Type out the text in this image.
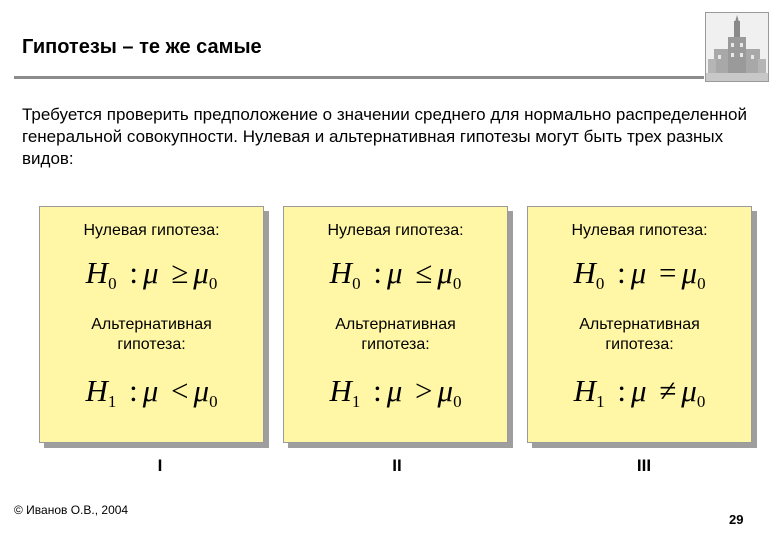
Гипотезы – те же самые
Требуется проверить предположение о значении среднего для нормально распределенной генеральной совокупности. Нулевая и альтернативная гипотезы могут быть трех разных видов:
Нулевая гипотеза:
$H_0$ : $\mu \ge \mu_0$
Альтернативная гипотеза:
$H_1$ : $\mu < \mu_0$
Нулевая гипотеза:
$H_0$ : $\mu \le \mu_0$
Альтернативная гипотеза:
$H_1$ : $\mu > \mu_0$
Нулевая гипотеза:
$H_0$ : $\mu = \mu_0$
Альтернативная гипотеза:
$H_1$ : $\mu \ne \mu_0$
I	II	III
© Иванов О.В., 2004
29
